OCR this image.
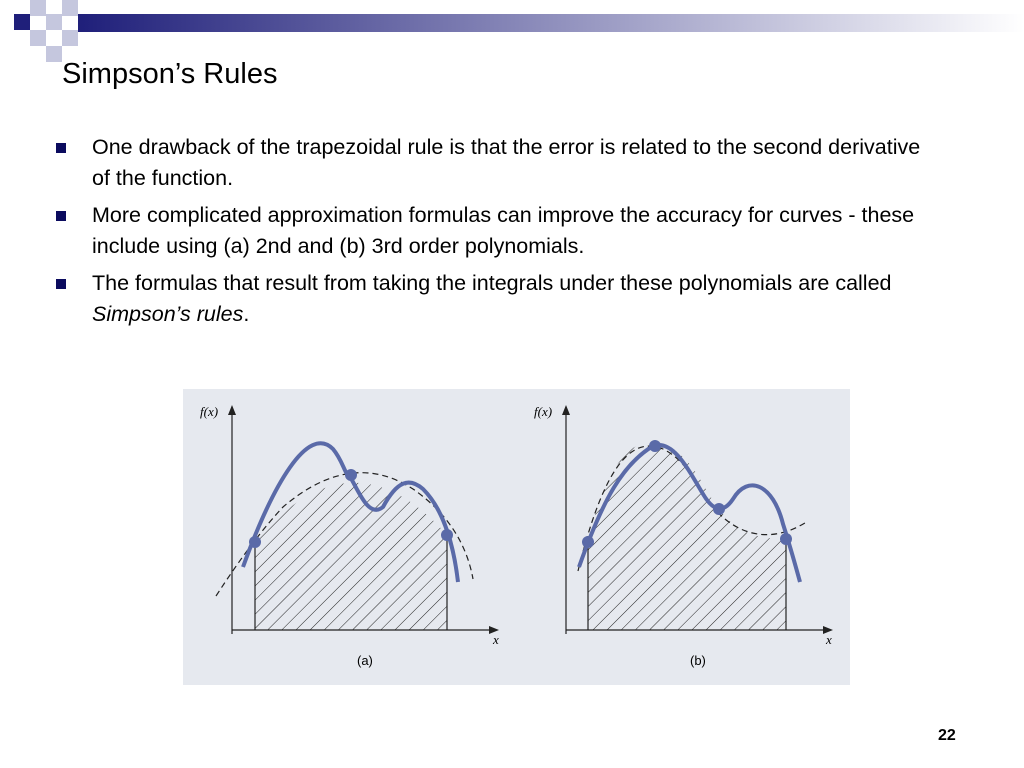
Simpson’s Rules
One drawback of the trapezoidal rule is that the error is related to the second derivative of the function.
More complicated approximation formulas can improve the accuracy for curves - these include using (a) 2nd and (b) 3rd order polynomials.
The formulas that result from taking the integrals under these polynomials are called Simpson’s rules.
f(x)
x
(a)
f(x)
x
(b)
22
